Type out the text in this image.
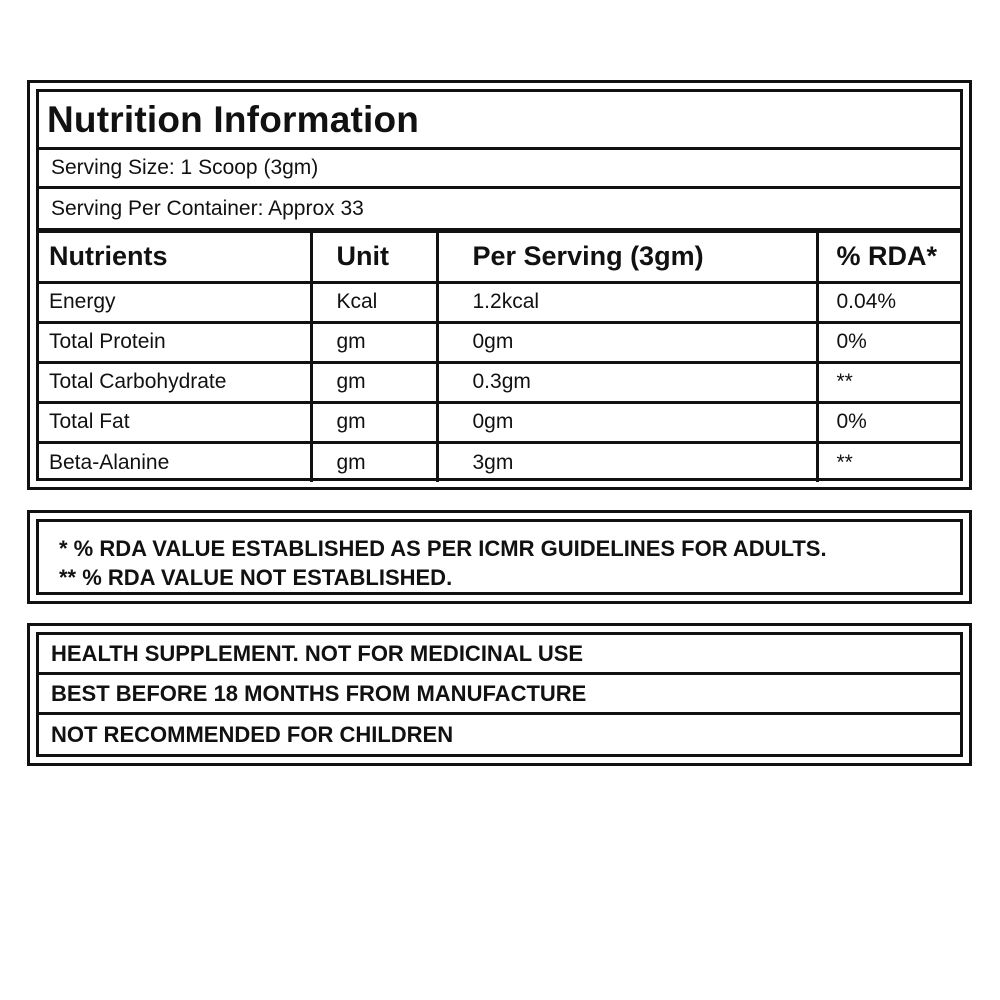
Nutrition Information
Serving Size: 1 Scoop (3gm)
Serving Per Container: Approx 33
Nutrients	Unit	Per Serving (3gm)	% RDA*
Energy	Kcal	1.2kcal	0.04%
Total Protein	gm	0gm	0%
Total Carbohydrate	gm	0.3gm	**
Total Fat	gm	0gm	0%
Beta-Alanine	gm	3gm	**
* % RDA VALUE ESTABLISHED AS PER ICMR GUIDELINES FOR ADULTS.
** % RDA VALUE NOT ESTABLISHED.
HEALTH SUPPLEMENT. NOT FOR MEDICINAL USE
BEST BEFORE 18 MONTHS FROM MANUFACTURE
NOT RECOMMENDED FOR CHILDREN
